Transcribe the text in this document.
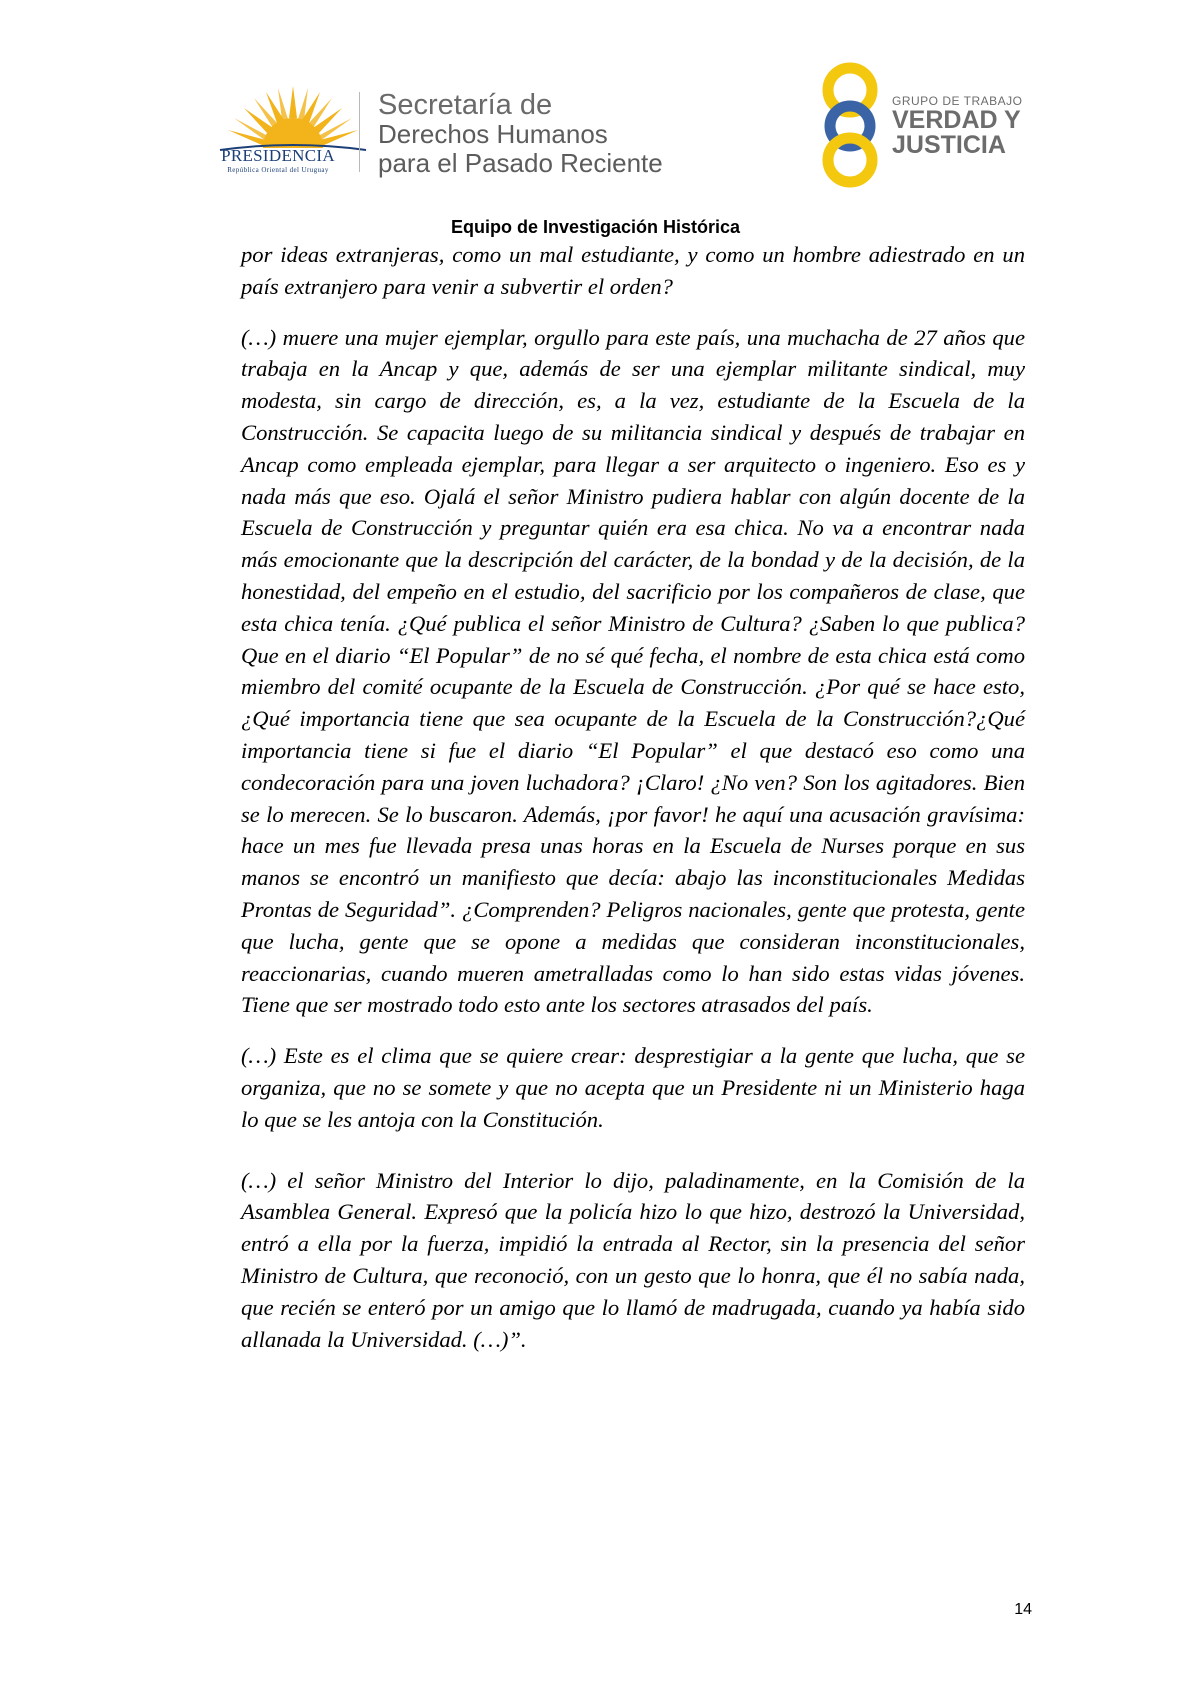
PRESIDENCIA
República Oriental del Uruguay
Secretaría de
Derechos Humanos
para el Pasado Reciente
GRUPO DE TRABAJO
VERDAD Y
JUSTICIA
Equipo de Investigación Histórica

por ideas extranjeras, como un mal estudiante, y como un hombre adiestrado en un país extranjero para venir a subvertir el orden?

(…) muere una mujer ejemplar, orgullo para este país, una muchacha de 27 años que trabaja en la Ancap y que, además de ser una ejemplar militante sindical, muy modesta, sin cargo de dirección, es, a la vez, estudiante de la Escuela de la Construcción. Se capacita luego de su militancia sindical y después de trabajar en Ancap como empleada ejemplar, para llegar a ser arquitecto o ingeniero. Eso es y nada más que eso. Ojalá el señor Ministro pudiera hablar con algún docente de la Escuela de Construcción y preguntar quién era esa chica. No va a encontrar nada más emocionante que la descripción del carácter, de la bondad y de la decisión, de la honestidad, del empeño en el estudio, del sacrificio por los compañeros de clase, que esta chica tenía. ¿Qué publica el señor Ministro de Cultura? ¿Saben lo que publica? Que en el diario “El Popular” de no sé qué fecha, el nombre de esta chica está como miembro del comité ocupante de la Escuela de Construcción. ¿Por qué se hace esto, ¿Qué importancia tiene que sea ocupante de la Escuela de la Construcción?¿Qué importancia tiene si fue el diario “El Popular” el que destacó eso como una condecoración para una joven luchadora? ¡Claro! ¿No ven? Son los agitadores. Bien se lo merecen. Se lo buscaron. Además, ¡por favor! he aquí una acusación gravísima: hace un mes fue llevada presa unas horas en la Escuela de Nurses porque en sus manos se encontró un manifiesto que decía: abajo las inconstitucionales Medidas Prontas de Seguridad”. ¿Comprenden? Peligros nacionales, gente que protesta, gente que lucha, gente que se opone a medidas que consideran inconstitucionales, reaccionarias, cuando mueren ametralladas como lo han sido estas vidas jóvenes. Tiene que ser mostrado todo esto ante los sectores atrasados del país.

(…) Este es el clima que se quiere crear: desprestigiar a la gente que lucha, que se organiza, que no se somete y que no acepta que un Presidente ni un Ministerio haga lo que se les antoja con la Constitución.

(…) el señor Ministro del Interior lo dijo, paladinamente, en la Comisión de la Asamblea General. Expresó que la policía hizo lo que hizo, destrozó la Universidad, entró a ella por la fuerza, impidió la entrada al Rector, sin la presencia del señor Ministro de Cultura, que reconoció, con un gesto que lo honra, que él no sabía nada, que recién se enteró por un amigo que lo llamó de madrugada, cuando ya había sido allanada la Universidad. (…)”.

14
